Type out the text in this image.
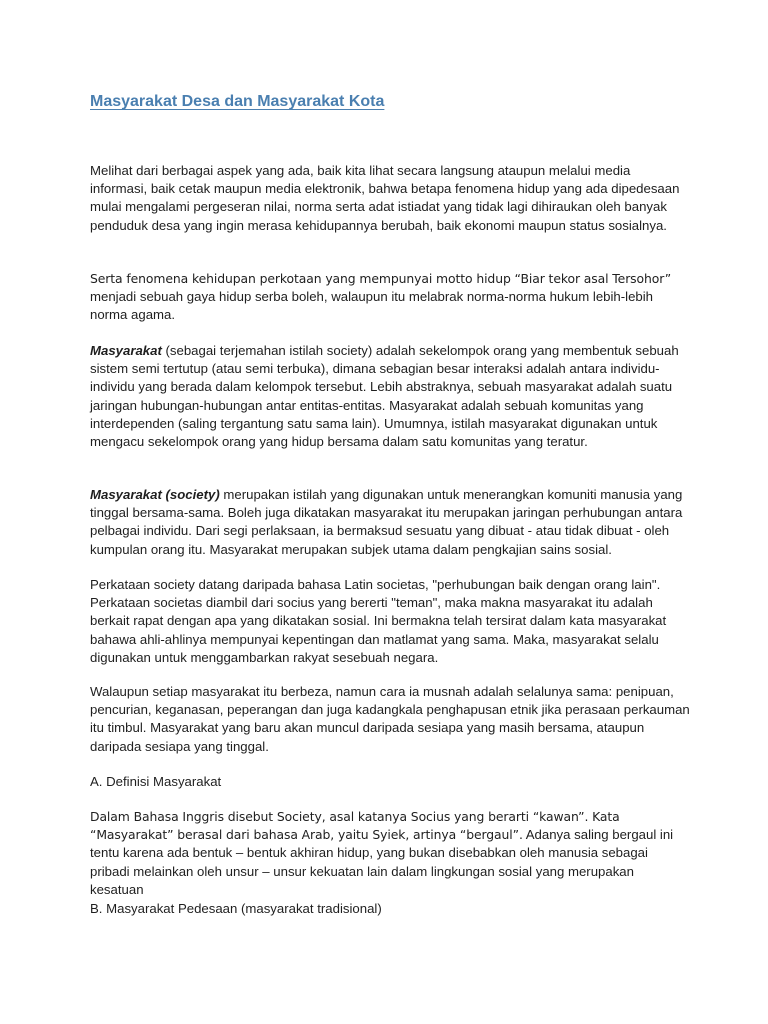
Masyarakat Desa dan Masyarakat Kota

Melihat dari berbagai aspek yang ada, baik kita lihat secara langsung ataupun melalui media informasi, baik cetak maupun media elektronik, bahwa betapa fenomena hidup yang ada dipedesaan mulai mengalami pergeseran nilai, norma serta adat istiadat yang tidak lagi dihiraukan oleh banyak penduduk desa yang ingin merasa kehidupannya berubah, baik ekonomi maupun status sosialnya.

Serta fenomena kehidupan perkotaan yang mempunyai motto hidup “Biar tekor asal Tersohor”
menjadi sebuah gaya hidup serba boleh, walaupun itu melabrak norma-norma hukum lebih-lebih norma agama.

Masyarakat (sebagai terjemahan istilah society) adalah sekelompok orang yang membentuk sebuah sistem semi tertutup (atau semi terbuka), dimana sebagian besar interaksi adalah antara individu-individu yang berada dalam kelompok tersebut. Lebih abstraknya, sebuah masyarakat adalah suatu jaringan hubungan-hubungan antar entitas-entitas. Masyarakat adalah sebuah komunitas yang interdependen (saling tergantung satu sama lain). Umumnya, istilah masyarakat digunakan untuk mengacu sekelompok orang yang hidup bersama dalam satu komunitas yang teratur.

Masyarakat (society) merupakan istilah yang digunakan untuk menerangkan komuniti manusia yang tinggal bersama-sama. Boleh juga dikatakan masyarakat itu merupakan jaringan perhubungan antara pelbagai individu. Dari segi perlaksaan, ia bermaksud sesuatu yang dibuat - atau tidak dibuat - oleh kumpulan orang itu. Masyarakat merupakan subjek utama dalam pengkajian sains sosial.

Perkataan society datang daripada bahasa Latin societas, "perhubungan baik dengan orang lain". Perkataan societas diambil dari socius yang bererti "teman", maka makna masyarakat itu adalah berkait rapat dengan apa yang dikatakan sosial. Ini bermakna telah tersirat dalam kata masyarakat bahawa ahli-ahlinya mempunyai kepentingan dan matlamat yang sama. Maka, masyarakat selalu digunakan untuk menggambarkan rakyat sesebuah negara.

Walaupun setiap masyarakat itu berbeza, namun cara ia musnah adalah selalunya sama: penipuan, pencurian, keganasan, peperangan dan juga kadangkala penghapusan etnik jika perasaan perkauman itu timbul. Masyarakat yang baru akan muncul daripada sesiapa yang masih bersama, ataupun daripada sesiapa yang tinggal.

A. Definisi Masyarakat

Dalam Bahasa Inggris disebut Society, asal katanya Socius yang berarti “kawan”. Kata “Masyarakat” berasal dari bahasa Arab, yaitu Syiek, artinya “bergaul”. Adanya saling bergaul ini tentu karena ada bentuk – bentuk akhiran hidup, yang bukan disebabkan oleh manusia sebagai pribadi melainkan oleh unsur – unsur kekuatan lain dalam lingkungan sosial yang merupakan kesatuan

B. Masyarakat Pedesaan (masyarakat tradisional)
